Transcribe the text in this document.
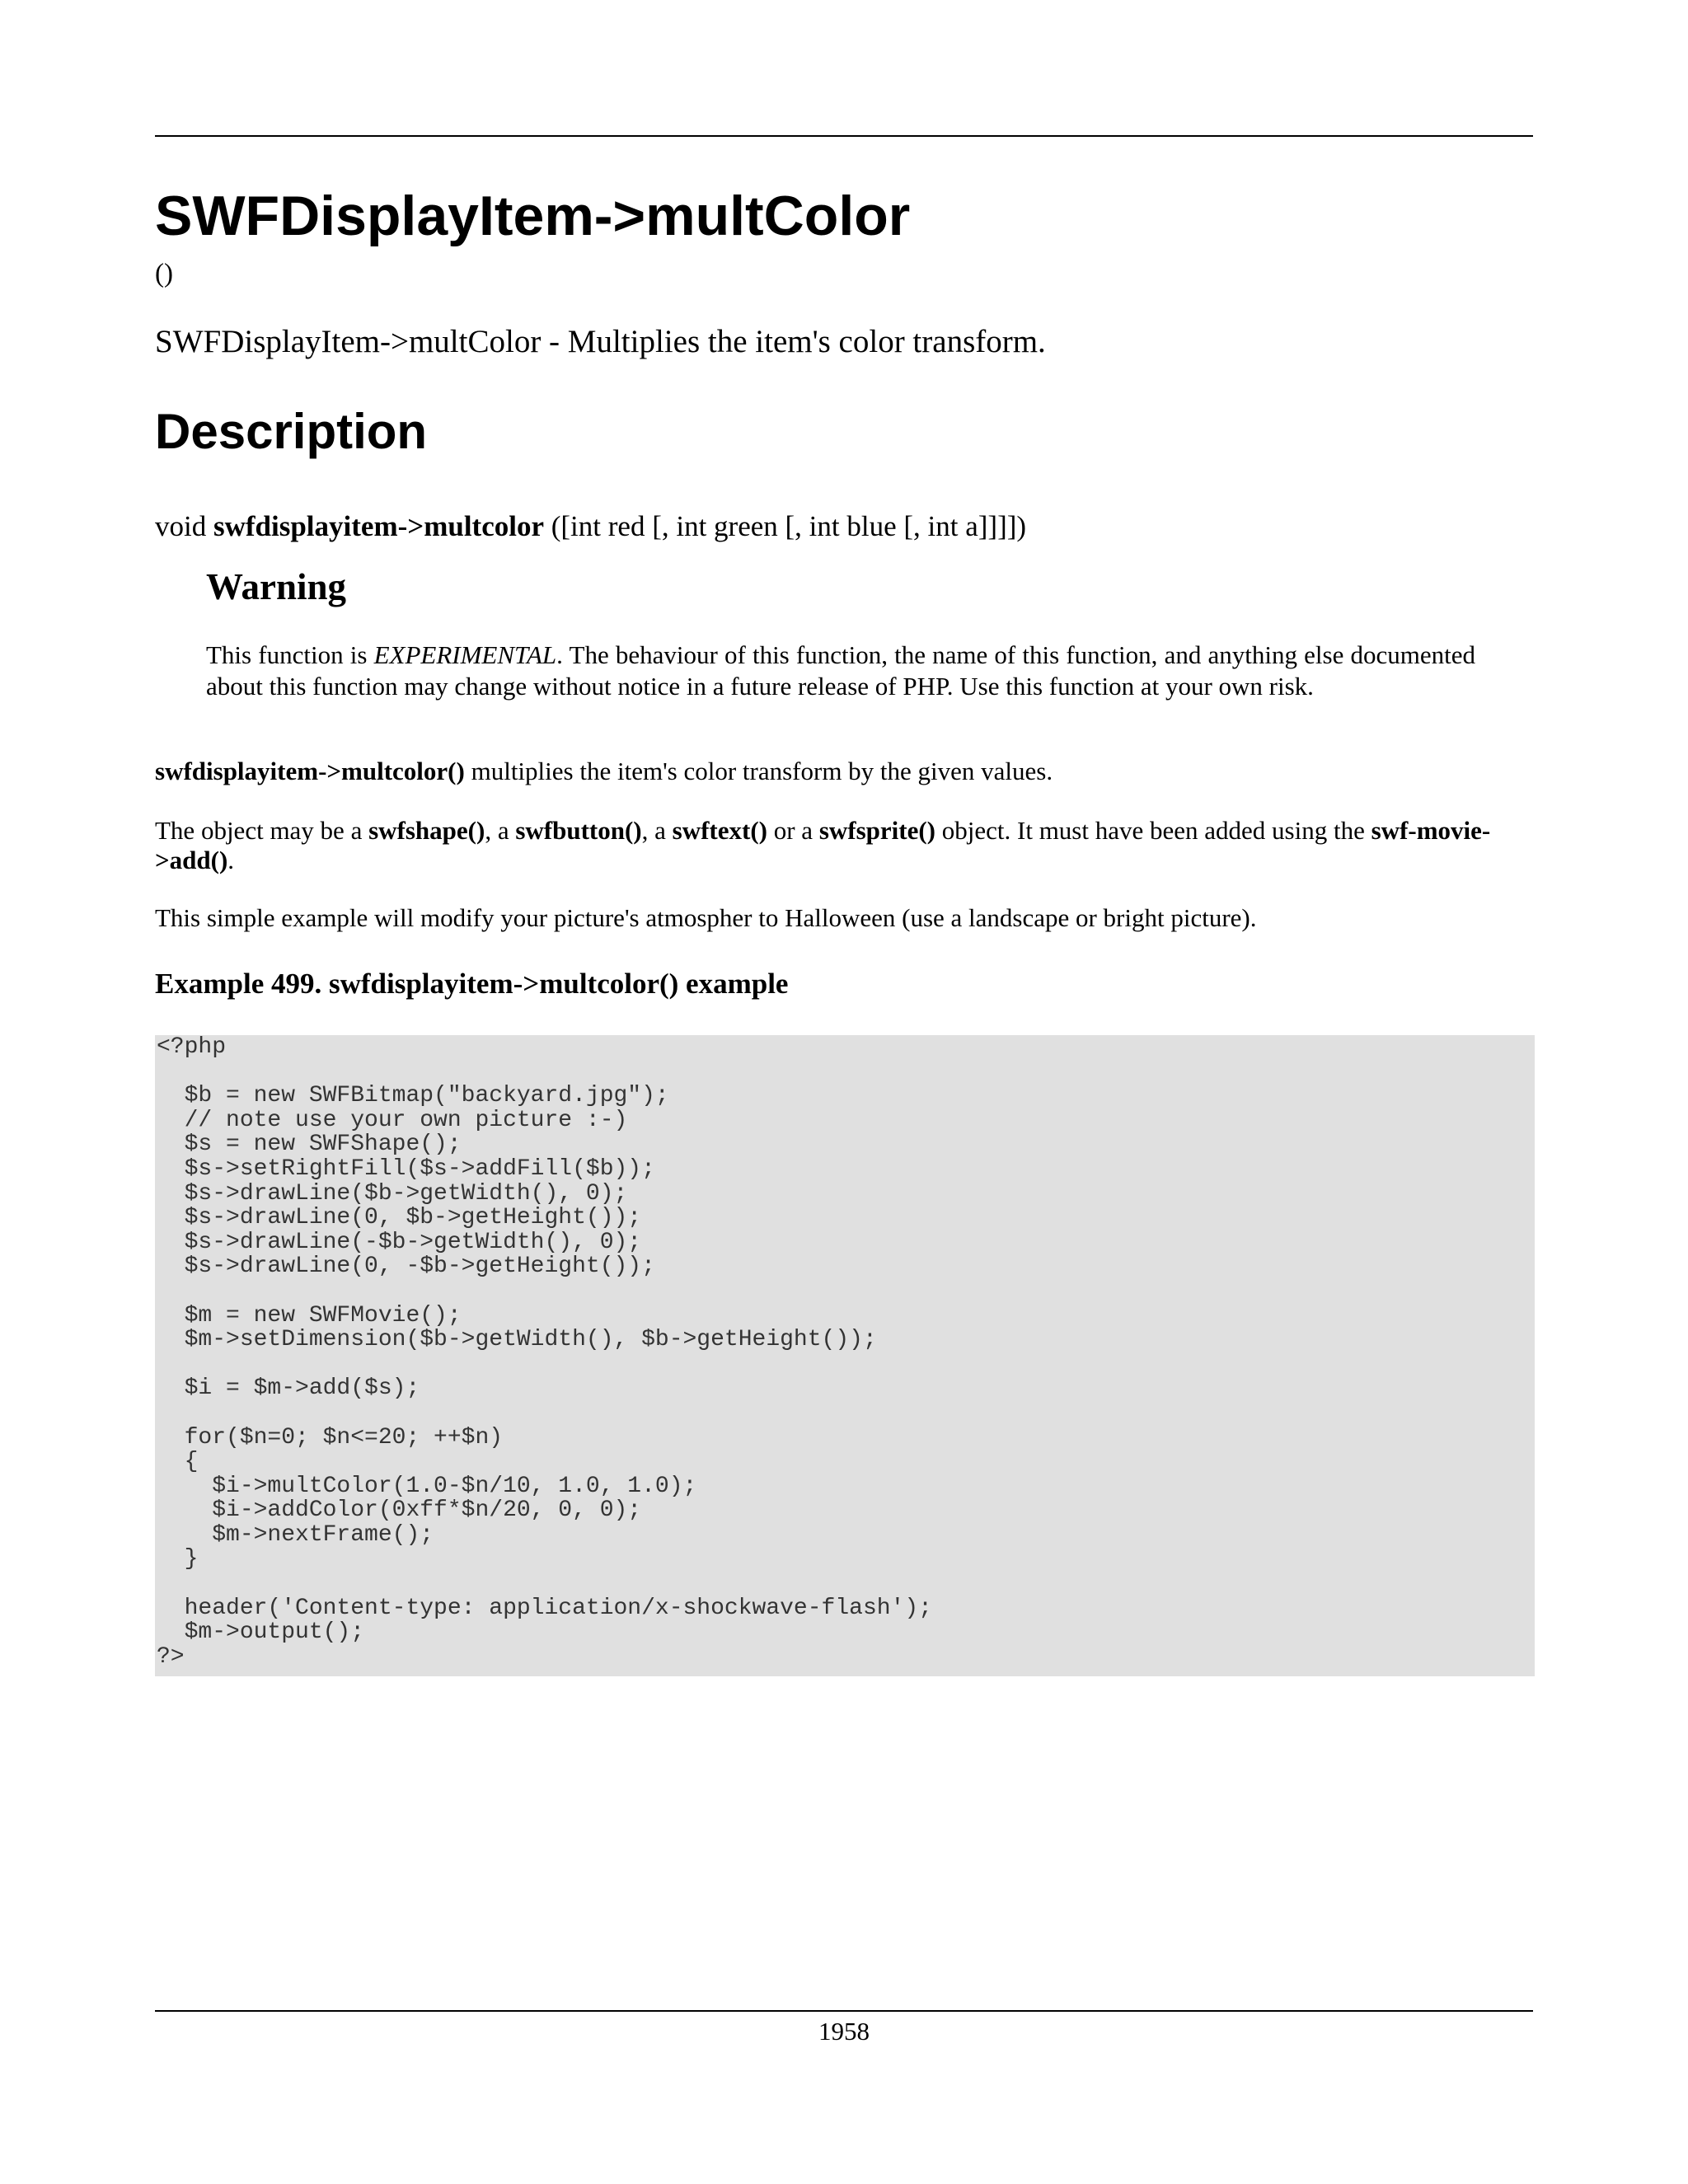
SWFDisplayItem->multColor
()

SWFDisplayItem->multColor - Multiplies the item's color transform.

Description

void swfdisplayitem->multcolor ([int red [, int green [, int blue [, int a]]]])

Warning

This function is EXPERIMENTAL. The behaviour of this function, the name of this function, and anything else documented about this function may change without notice in a future release of PHP. Use this function at your own risk.

swfdisplayitem->multcolor() multiplies the item's color transform by the given values.

The object may be a swfshape(), a swfbutton(), a swftext() or a swfsprite() object. It must have been added using the swf-movie->add().

This simple example will modify your picture's atmospher to Halloween (use a landscape or bright picture).

Example 499. swfdisplayitem->multcolor() example

<?php

$b = new SWFBitmap("backyard.jpg");
// note use your own picture :-)
$s = new SWFShape();
$s->setRightFill($s->addFill($b));
$s->drawLine($b->getWidth(), 0);
$s->drawLine(0, $b->getHeight());
$s->drawLine(-$b->getWidth(), 0);
$s->drawLine(0, -$b->getHeight());

$m = new SWFMovie();
$m->setDimension($b->getWidth(), $b->getHeight());

$i = $m->add($s);

for($n=0; $n<=20; ++$n)
{
$i->multColor(1.0-$n/10, 1.0, 1.0);
$i->addColor(0xff*$n/20, 0, 0);
$m->nextFrame();
}

header('Content-type: application/x-shockwave-flash');
$m->output();
?>

1958
